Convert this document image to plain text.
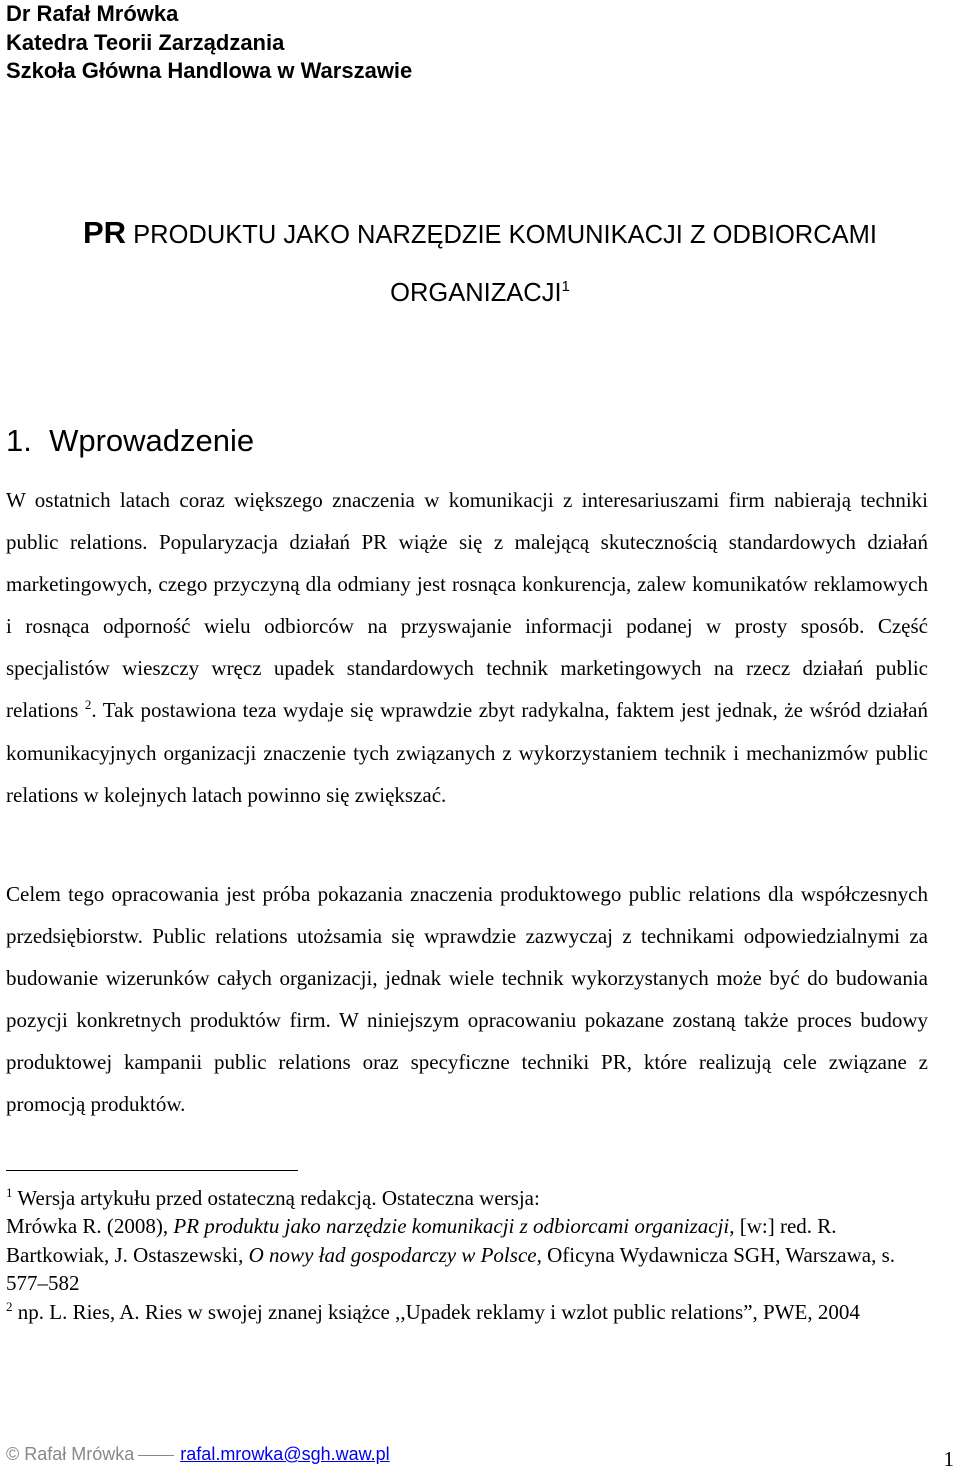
Dr Rafał Mrówka
Katedra Teorii Zarządzania
Szkoła Główna Handlowa w Warszawie
PR PRODUKTU JAKO NARZĘDZIE KOMUNIKACJI Z ODBIORCAMI
ORGANIZACJI$^1$
1. Wprowadzenie

W ostatnich latach coraz większego znaczenia w komunikacji z interesariuszami firm nabierają techniki public relations. Popularyzacja działań PR wiąże się z malejącą skutecznością standardowych działań marketingowych, czego przyczyną dla odmiany jest rosnąca konkurencja, zalew komunikatów reklamowych i rosnąca odporność wielu odbiorców na przyswajanie informacji podanej w prosty sposób. Część specjalistów wieszczy wręcz upadek standardowych technik marketingowych na rzecz działań public relations $^2$. Tak postawiona teza wydaje się wprawdzie zbyt radykalna, faktem jest jednak, że wśród działań komunikacyjnych organizacji znaczenie tych związanych z wykorzystaniem technik i mechanizmów public relations w kolejnych latach powinno się zwiększać.

Celem tego opracowania jest próba pokazania znaczenia produktowego public relations dla współczesnych przedsiębiorstw. Public relations utożsamia się wprawdzie zazwyczaj z technikami odpowiedzialnymi za budowanie wizerunków całych organizacji, jednak wiele technik wykorzystanych może być do budowania pozycji konkretnych produktów firm. W niniejszym opracowaniu pokazane zostaną także proces budowy produktowej kampanii public relations oraz specyficzne techniki PR, które realizują cele związane z promocją produktów.

$^1$ Wersja artykułu przed ostateczną redakcją. Ostateczna wersja:

Mrówka R. (2008), PR produktu jako narzędzie komunikacji z odbiorcami organizacji, [w:] red. R. Bartkowiak, J. Ostaszewski, O nowy ład gospodarczy w Polsce, Oficyna Wydawnicza SGH, Warszawa, s. 577–582

$^2$ np. L. Ries, A. Ries w swojej znanej książce ,,Upadek reklamy i wzlot public relations”, PWE, 2004

© Rafał Mrówka	rafal.mrowka@sgh.waw.pl	1
